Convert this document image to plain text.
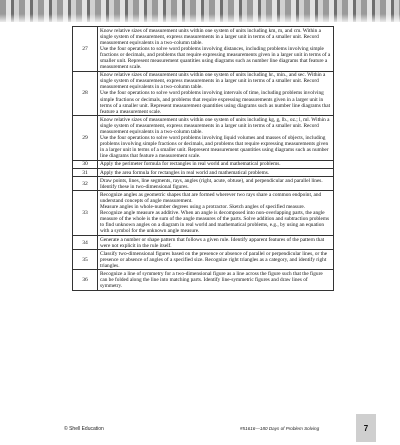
27	Know relative sizes of measurement units within one system of units including km, m, and cm. Within a single system of measurement, express measurements in a larger unit in terms of a smaller unit. Record measurement equivalents in a two-column table.
Use the four operations to solve word problems involving distances, including problems involving simple fractions or decimals, and problems that require expressing measurements given in a larger unit in terms of a smaller unit. Represent measurement quantities using diagrams such as number line diagrams that feature a measurement scale.
28	Know relative sizes of measurement units within one system of units including hr., min., and sec. Within a single system of measurement, express measurements in a larger unit in terms of a smaller unit. Record measurement equivalents in a two-column table.
Use the four operations to solve word problems involving intervals of time, including problems involving simple fractions or decimals, and problems that require expressing measurements given in a larger unit in terms of a smaller unit. Represent measurement quantities using diagrams such as number line diagrams that feature a measurement scale.
29	Know relative sizes of measurement units within one system of units including kg, g, lb., oz.; l, ml. Within a single system of measurement, express measurements in a larger unit in terms of a smaller unit. Record measurement equivalents in a two-column table.
Use the four operations to solve word problems involving liquid volumes and masses of objects, including problems involving simple fractions or decimals, and problems that require expressing measurements given in a larger unit in terms of a smaller unit. Represent measurement quantities using diagrams such as number line diagrams that feature a measurement scale.
30	Apply the perimeter formula for rectangles in real world and mathematical problems.
31	Apply the area formula for rectangles in real world and mathematical problems.
32	Draw points, lines, line segments, rays, angles (right, acute, obtuse), and perpendicular and parallel lines. Identify these in two-dimensional figures.
33	Recognize angles as geometric shapes that are formed wherever two rays share a common endpoint, and understand concepts of angle measurement.
Measure angles in whole-number degrees using a protractor. Sketch angles of specified measure.
Recognize angle measure as additive. When an angle is decomposed into non-overlapping parts, the angle measure of the whole is the sum of the angle measures of the parts. Solve addition and subtraction problems to find unknown angles on a diagram in real world and mathematical problems, e.g., by using an equation with a symbol for the unknown angle measure.
34	Generate a number or shape pattern that follows a given rule. Identify apparent features of the pattern that were not explicit in the rule itself.
35	Classify two-dimensional figures based on the presence or absence of parallel or perpendicular lines, or the presence or absence of angles of a specified size. Recognize right triangles as a category, and identify right triangles.
36	Recognize a line of symmetry for a two-dimensional figure as a line across the figure such that the figure can be folded along the line into matching parts. Identify line-symmetric figures and draw lines of symmetry.
© Shell Education	#51616—180 Days of Problem Solving	7
